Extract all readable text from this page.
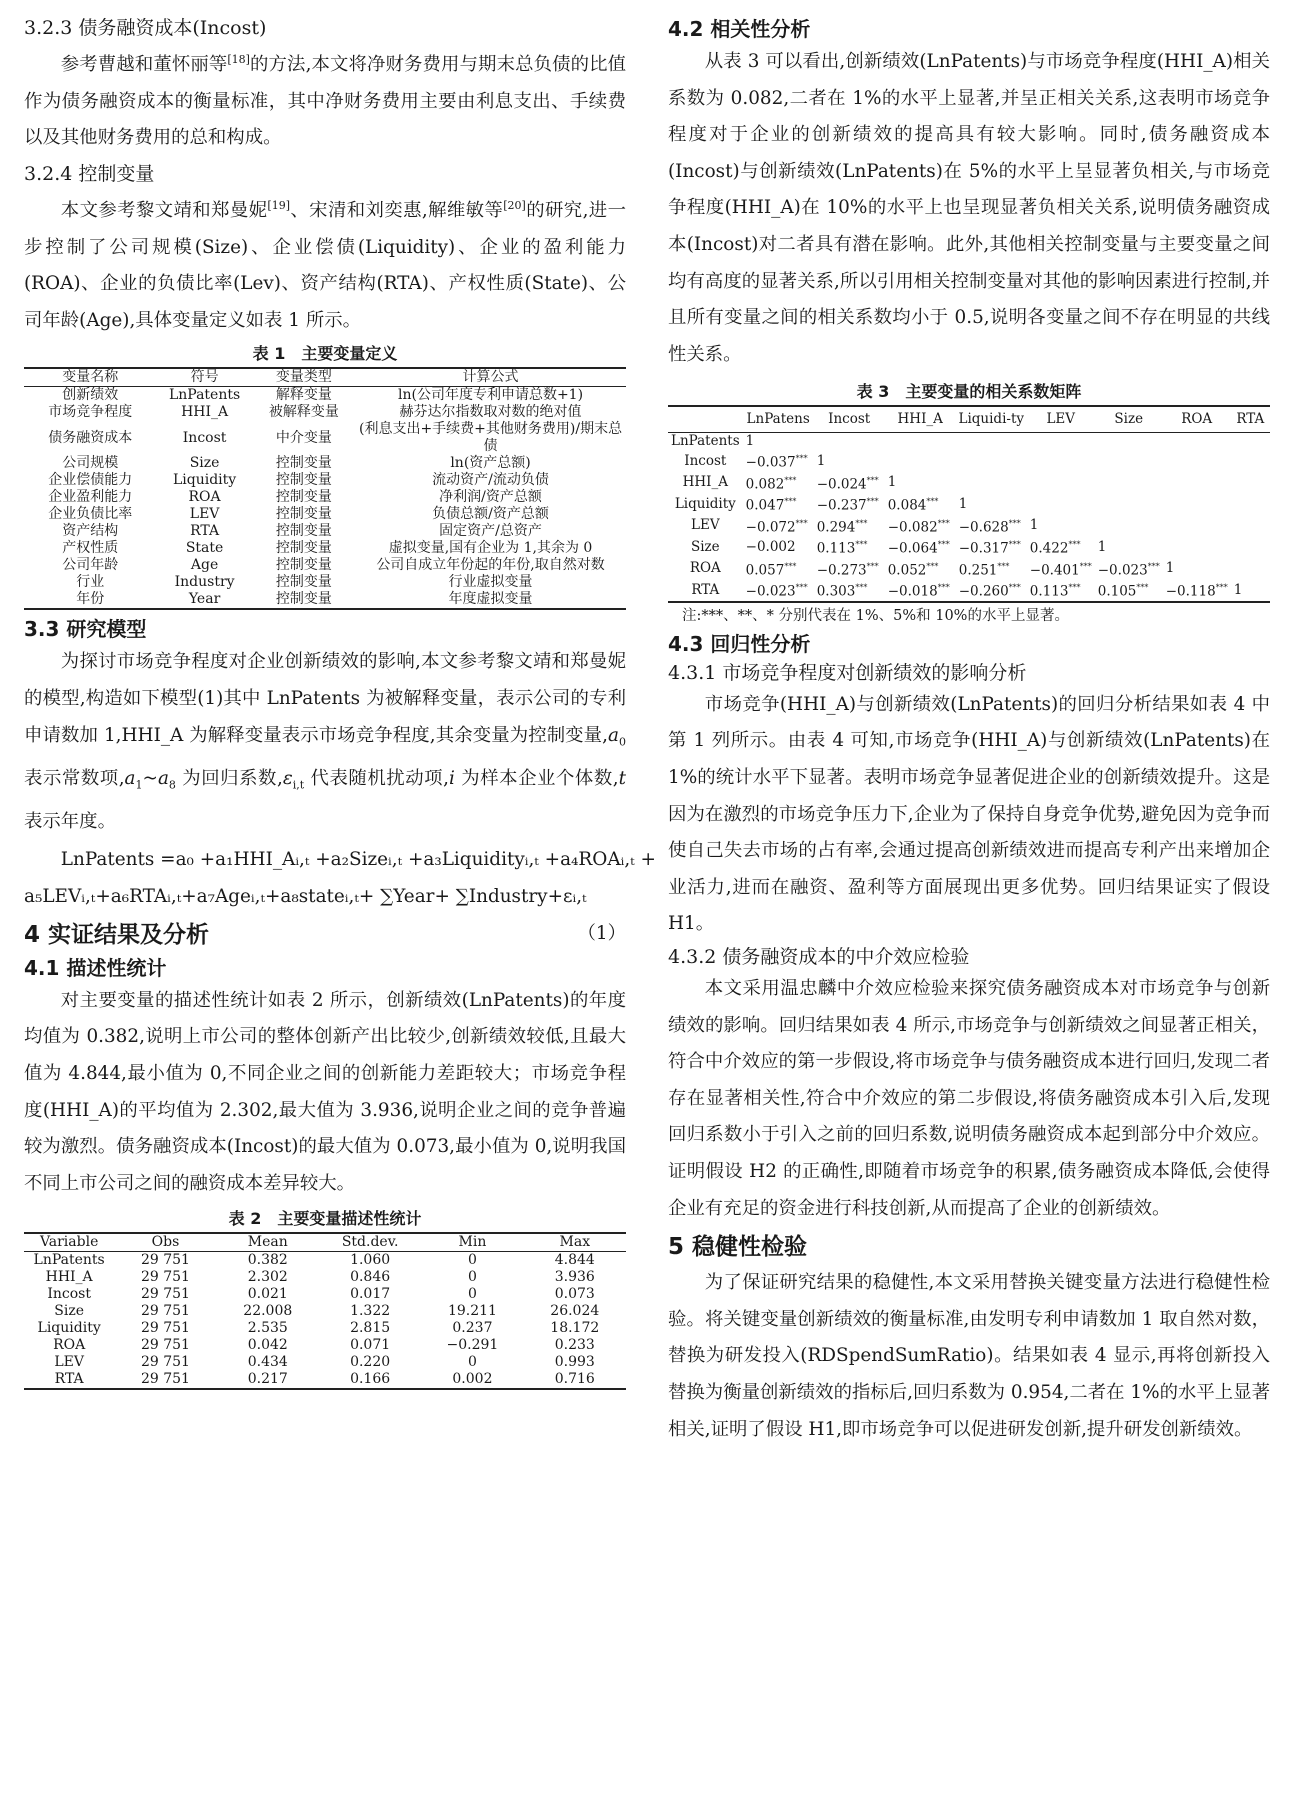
3.2.3 债务融资成本(Incost)

参考曹越和董怀丽等[18]的方法,本文将净财务费用与期末总负债的比值作为债务融资成本的衡量标准，其中净财务费用主要由利息支出、手续费以及其他财务费用的总和构成。

3.2.4 控制变量

本文参考黎文靖和郑曼妮[19]、宋清和刘奕惠,解维敏等[20]的研究,进一步控制了公司规模(Size)、企业偿债(Liquidity)、企业的盈利能力(ROA)、企业的负债比率(Lev)、资产结构(RTA)、产权性质(State)、公司年龄(Age),具体变量定义如表 1 所示。

表 1　主要变量定义

变量名称	符号	变量类型	计算公式
创新绩效	LnPatents	解释变量	ln(公司年度专利申请总数+1)
市场竞争程度	HHI_A	被解释变量	赫芬达尔指数取对数的绝对值
债务融资成本	Incost	中介变量	(利息支出+手续费+其他财务费用)/期末总债
公司规模	Size	控制变量	ln(资产总额)
企业偿债能力	Liquidity	控制变量	流动资产/流动负债
企业盈利能力	ROA	控制变量	净利润/资产总额
企业负债比率	LEV	控制变量	负债总额/资产总额
资产结构	RTA	控制变量	固定资产/总资产
产权性质	State	控制变量	虚拟变量,国有企业为 1,其余为 0
公司年龄	Age	控制变量	公司自成立年份起的年份,取自然对数
行业	Industry	控制变量	行业虚拟变量
年份	Year	控制变量	年度虚拟变量

3.3 研究模型

为探讨市场竞争程度对企业创新绩效的影响,本文参考黎文靖和郑曼妮的模型,构造如下模型(1)其中 LnPatents 为被解释变量，表示公司的专利申请数加 1,HHI_A 为解释变量表示市场竞争程度,其余变量为控制变量$,a_0$ 表示常数项$,a_1\sim a_8$ 为回归系数$,\varepsilon_{i,t}$ 代表随机扰动项,i 为样本企业个体数,t 表示年度。

LnPatents =a₀ +a₁HHI_Aᵢ,ₜ +a₂Sizeᵢ,ₜ +a₃Liquidityᵢ,ₜ +a₄ROAᵢ,ₜ +

a₅LEVᵢ,ₜ+a₆RTAᵢ,ₜ+a₇Ageᵢ,ₜ+a₈stateᵢ,ₜ+ ∑Year+ ∑Industry+εᵢ,ₜ
（1）

4 实证结果及分析

4.1 描述性统计

对主要变量的描述性统计如表 2 所示，创新绩效(LnPatents)的年度均值为 0.382,说明上市公司的整体创新产出比较少,创新绩效较低,且最大值为 4.844,最小值为 0,不同企业之间的创新能力差距较大；市场竞争程度(HHI_A)的平均值为 2.302,最大值为 3.936,说明企业之间的竞争普遍较为激烈。债务融资成本(Incost)的最大值为 0.073,最小值为 0,说明我国不同上市公司之间的融资成本差异较大。

表 2　主要变量描述性统计

Variable	Obs	Mean	Std.dev.	Min	Max
LnPatents	29 751	0.382	1.060	0	4.844
HHI_A	29 751	2.302	0.846	0	3.936
Incost	29 751	0.021	0.017	0	0.073
Size	29 751	22.008	1.322	19.211	26.024
Liquidity	29 751	2.535	2.815	0.237	18.172
ROA	29 751	0.042	0.071	−0.291	0.233
LEV	29 751	0.434	0.220	0	0.993
RTA	29 751	0.217	0.166	0.002	0.716

4.2 相关性分析

从表 3 可以看出,创新绩效(LnPatents)与市场竞争程度(HHI_A)相关系数为 0.082,二者在 1%的水平上显著,并呈正相关关系,这表明市场竞争程度对于企业的创新绩效的提高具有较大影响。同时,债务融资成本(Incost)与创新绩效(LnPatents)在 5%的水平上呈显著负相关,与市场竞争程度(HHI_A)在 10%的水平上也呈现显著负相关关系,说明债务融资成本(Incost)对二者具有潜在影响。此外,其他相关控制变量与主要变量之间均有高度的显著关系,所以引用相关控制变量对其他的影响因素进行控制,并且所有变量之间的相关系数均小于 0.5,说明各变量之间不存在明显的共线性关系。

表 3　主要变量的相关系数矩阵

	LnPatens	Incost	HHI_A	Liquidi-ty	LEV	Size	ROA	RTA
LnPatents	1							
Incost	−0.037***	1						
HHI_A	0.082***	−0.024***	1					
Liquidity	0.047***	−0.237***	0.084***	1				
LEV	−0.072***	0.294***	−0.082***	−0.628***	1			
Size	−0.002	0.113***	−0.064***	−0.317***	0.422***	1		
ROA	0.057***	−0.273***	0.052***	0.251***	−0.401***	−0.023***	1	
RTA	−0.023***	0.303***	−0.018***	−0.260***	0.113***	0.105***	−0.118***	1

注:***、**、* 分别代表在 1%、5%和 10%的水平上显著。

4.3 回归性分析

4.3.1 市场竞争程度对创新绩效的影响分析

市场竞争(HHI_A)与创新绩效(LnPatents)的回归分析结果如表 4 中第 1 列所示。由表 4 可知,市场竞争(HHI_A)与创新绩效(LnPatents)在 1%的统计水平下显著。表明市场竞争显著促进企业的创新绩效提升。这是因为在激烈的市场竞争压力下,企业为了保持自身竞争优势,避免因为竞争而使自己失去市场的占有率,会通过提高创新绩效进而提高专利产出来增加企业活力,进而在融资、盈利等方面展现出更多优势。回归结果证实了假设 H1。

4.3.2 债务融资成本的中介效应检验

本文采用温忠麟中介效应检验来探究债务融资成本对市场竞争与创新绩效的影响。回归结果如表 4 所示,市场竞争与创新绩效之间显著正相关，符合中介效应的第一步假设,将市场竞争与债务融资成本进行回归,发现二者存在显著相关性,符合中介效应的第二步假设,将债务融资成本引入后,发现回归系数小于引入之前的回归系数,说明债务融资成本起到部分中介效应。证明假设 H2 的正确性,即随着市场竞争的积累,债务融资成本降低,会使得企业有充足的资金进行科技创新,从而提高了企业的创新绩效。

5 稳健性检验

为了保证研究结果的稳健性,本文采用替换关键变量方法进行稳健性检验。将关键变量创新绩效的衡量标准,由发明专利申请数加 1 取自然对数，替换为研发投入(RDSpendSumRatio)。结果如表 4 显示,再将创新投入替换为衡量创新绩效的指标后,回归系数为 0.954,二者在 1%的水平上显著相关,证明了假设 H1,即市场竞争可以促进研发创新,提升研发创新绩效。
